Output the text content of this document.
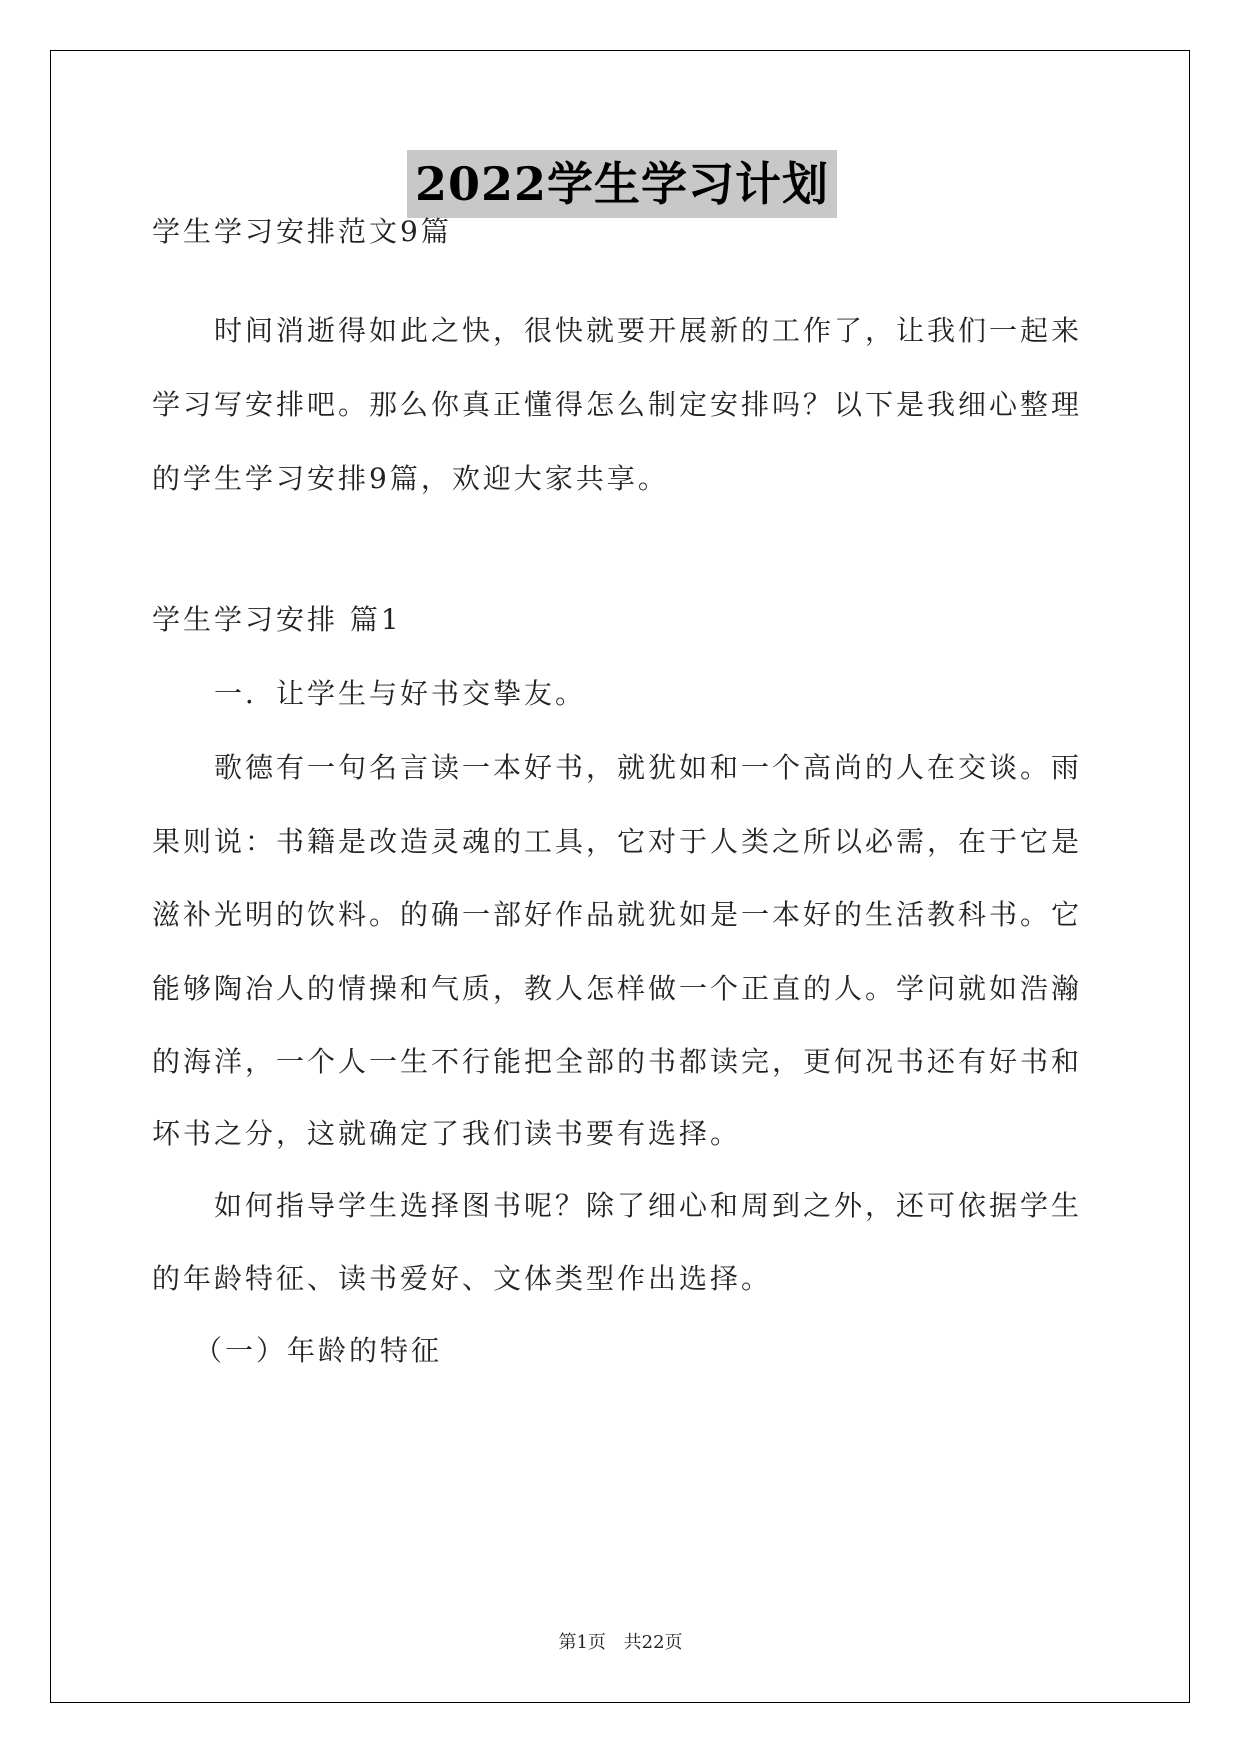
2022学生学习计划
学生学习安排范文9篇
时间消逝得如此之快，很快就要开展新的工作了，让我们一起来
学习写安排吧。那么你真正懂得怎么制定安排吗？以下是我细心整理
的学生学习安排9篇，欢迎大家共享。
学生学习安排 篇1
一．让学生与好书交挚友。
歌德有一句名言读一本好书，就犹如和一个高尚的人在交谈。雨
果则说：书籍是改造灵魂的工具，它对于人类之所以必需，在于它是
滋补光明的饮料。的确一部好作品就犹如是一本好的生活教科书。它
能够陶冶人的情操和气质，教人怎样做一个正直的人。学问就如浩瀚
的海洋，一个人一生不行能把全部的书都读完，更何况书还有好书和
坏书之分，这就确定了我们读书要有选择。
如何指导学生选择图书呢？除了细心和周到之外，还可依据学生
的年龄特征、读书爱好、文体类型作出选择。
（一）年龄的特征
第1页 共22页
